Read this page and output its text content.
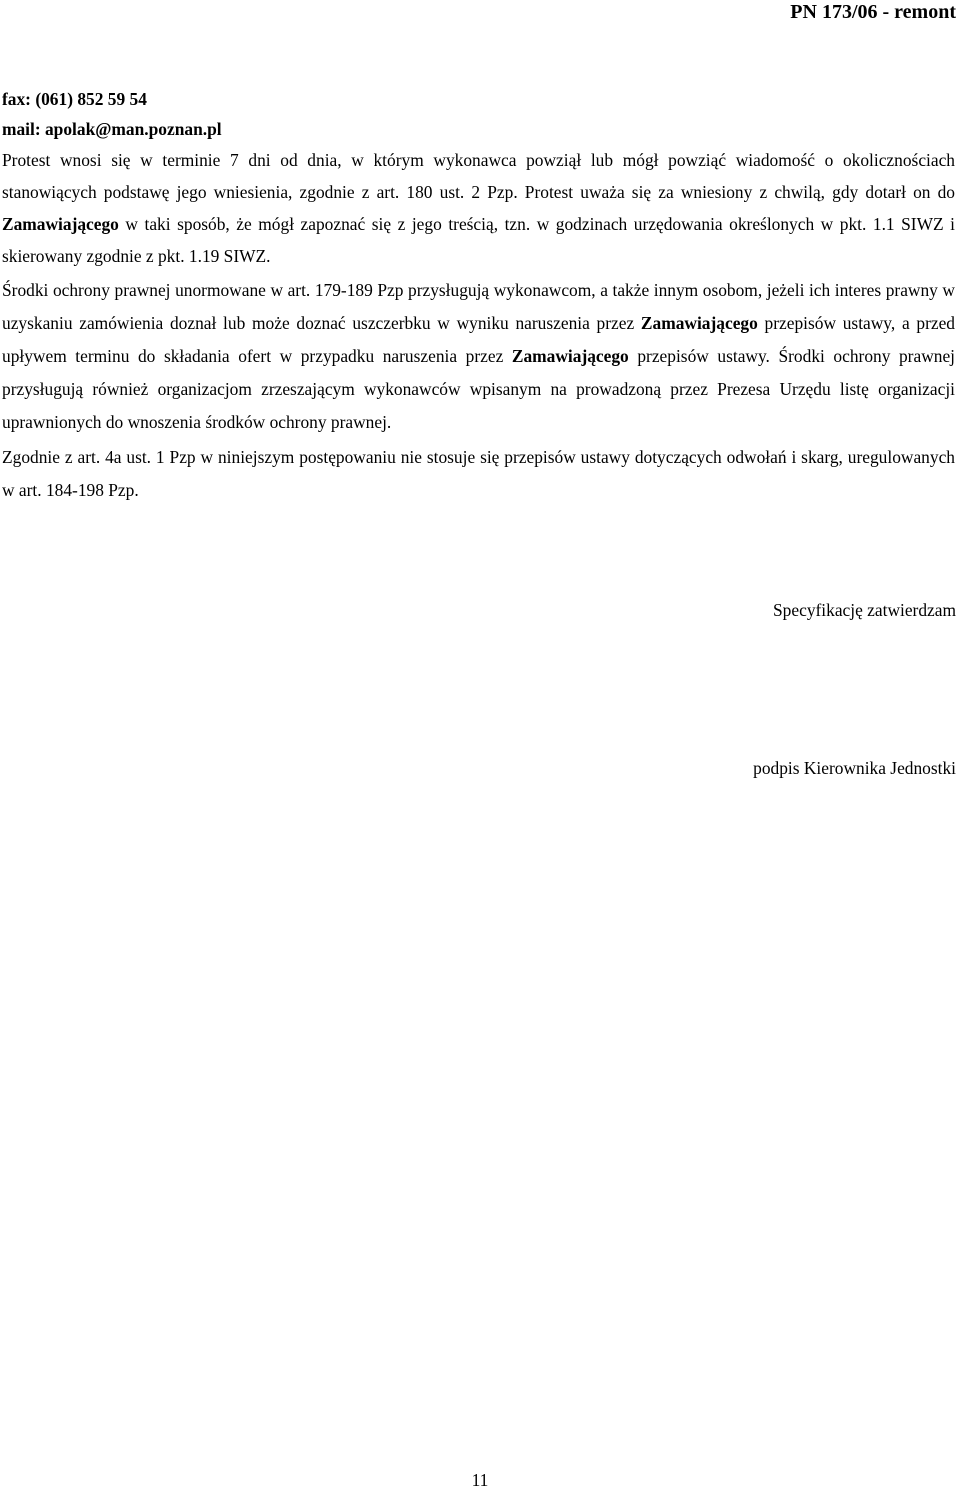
PN 173/06 - remont

fax: (061) 852 59 54

mail: apolak@man.poznan.pl

Protest wnosi się w terminie 7 dni od dnia, w którym wykonawca powziął lub mógł powziąć wiadomość o okolicznościach stanowiących podstawę jego wniesienia, zgodnie z art. 180 ust. 2 Pzp. Protest uważa się za wniesiony z chwilą, gdy dotarł on do Zamawiającego w taki sposób, że mógł zapoznać się z jego treścią, tzn. w godzinach urzędowania określonych w pkt. 1.1 SIWZ i skierowany zgodnie z pkt. 1.19 SIWZ.

Środki ochrony prawnej unormowane w art. 179-189 Pzp przysługują wykonawcom, a także innym osobom, jeżeli ich interes prawny w uzyskaniu zamówienia doznał lub może doznać uszczerbku w wyniku naruszenia przez Zamawiającego przepisów ustawy, a przed upływem terminu do składania ofert w przypadku naruszenia przez Zamawiającego przepisów ustawy. Środki ochrony prawnej przysługują również organizacjom zrzeszającym wykonawców wpisanym na prowadzoną przez Prezesa Urzędu listę organizacji uprawnionych do wnoszenia środków ochrony prawnej.

Zgodnie z art. 4a ust. 1 Pzp w niniejszym postępowaniu nie stosuje się przepisów ustawy dotyczących odwołań i skarg, uregulowanych w art. 184-198 Pzp.

Specyfikację zatwierdzam
podpis Kierownika Jednostki
11
